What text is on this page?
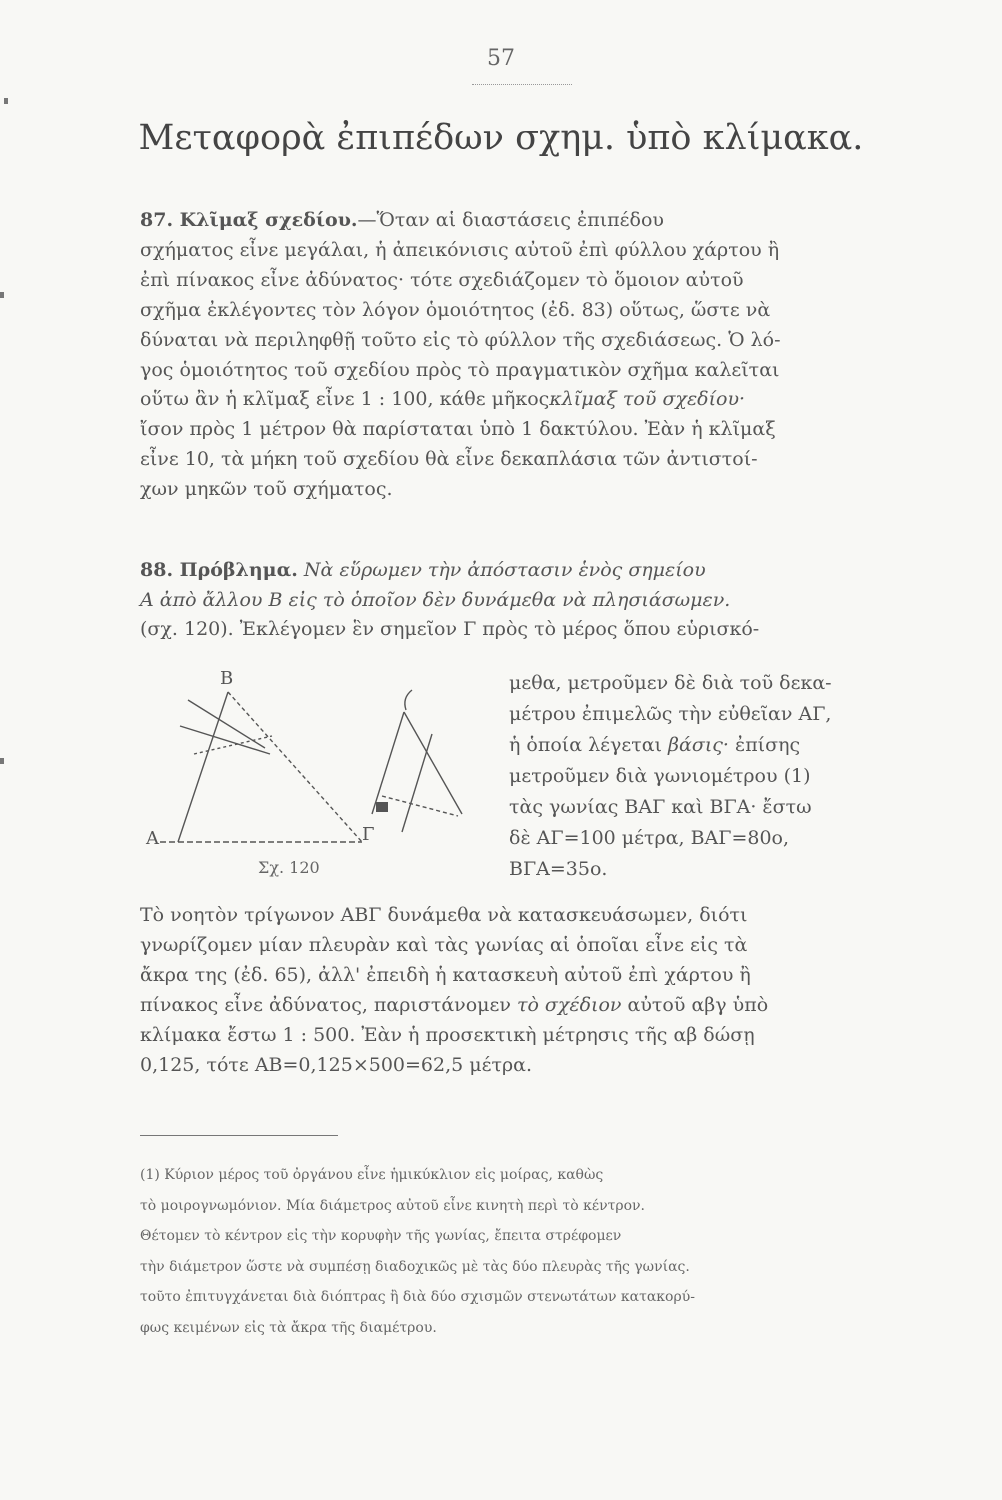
57
Μεταφορὰ ἐπιπέδων σχημ. ὑπὸ κλίμακα.
87. Κλῖμαξ σχεδίου.—Ὅταν αἱ διαστάσεις ἐπιπέδου
σχήματος εἶνε μεγάλαι, ἡ ἀπεικόνισις αὐτοῦ ἐπὶ φύλλου χάρτου ἢ
ἐπὶ πίνακος εἶνε ἀδύνατος· τότε σχεδιάζομεν τὸ ὅμοιον αὐτοῦ
σχῆμα ἐκλέγοντες τὸν λόγον ὁμοιότητος (ἐδ. 83) οὕτως, ὥστε νὰ
δύναται νὰ περιληφθῇ τοῦτο εἰς τὸ φύλλον τῆς σχεδιάσεως. Ὁ λό-
γος ὁμοιότητος τοῦ σχεδίου πρὸς τὸ πραγματικὸν σχῆμα καλεῖται
οὕτω ἂν ἡ κλῖμαξ εἶνε 1 : 100, κάθε μῆκοςκλῖμαξ τοῦ σχεδίου·
ἴσον πρὸς 1 μέτρον θὰ παρίσταται ὑπὸ 1 δακτύλου. Ἐὰν ἡ κλῖμαξ
εἶνε 10, τὰ μήκη τοῦ σχεδίου θὰ εἶνε δεκαπλάσια τῶν ἀντιστοί-
χων μηκῶν τοῦ σχήματος.
88. Πρόβλημα. Νὰ εὕρωμεν τὴν ἀπόστασιν ἑνὸς σημείου
Α ἀπὸ ἄλλου Β εἰς τὸ ὁποῖον δὲν δυνάμεθα νὰ πλησιάσωμεν.
(σχ. 120). Ἐκλέγομεν ἓν σημεῖον Γ πρὸς τὸ μέρος ὅπου εὑρισκό-
μεθα, μετροῦμεν δὲ διὰ τοῦ δεκα-
μέτρου ἐπιμελῶς τὴν εὐθεῖαν ΑΓ,
ἡ ὁποία λέγεται βάσις· ἐπίσης
μετροῦμεν διὰ γωνιομέτρου (1)
τὰς γωνίας ΒΑΓ καὶ ΒΓΑ· ἔστω
δὲ ΑΓ=100 μέτρα, ΒΑΓ=80ο,
ΒΓΑ=35ο.
Β
Α	Γ
Σχ. 120
Τὸ νοητὸν τρίγωνον ΑΒΓ δυνάμεθα νὰ κατασκευάσωμεν, διότι
γνωρίζομεν μίαν πλευρὰν καὶ τὰς γωνίας αἱ ὁποῖαι εἶνε εἰς τὰ
ἄκρα της (ἐδ. 65), ἀλλ' ἐπειδὴ ἡ κατασκευὴ αὐτοῦ ἐπὶ χάρτου ἢ
πίνακος εἶνε ἀδύνατος, παριστάνομεν τὸ σχέδιον αὐτοῦ αβγ ὑπὸ
κλίμακα ἔστω 1 : 500. Ἐὰν ἡ προσεκτικὴ μέτρησις τῆς αβ δώσῃ
0,125, τότε ΑΒ=0,125×500=62,5 μέτρα.
(1) Κύριον μέρος τοῦ ὀργάνου εἶνε ἡμικύκλιον εἰς μοίρας, καθὼς
τὸ μοιρογνωμόνιον. Μία διάμετρος αὐτοῦ εἶνε κινητὴ περὶ τὸ κέντρον.
Θέτομεν τὸ κέντρον εἰς τὴν κορυφὴν τῆς γωνίας, ἔπειτα στρέφομεν
τὴν διάμετρον ὥστε νὰ συμπέσῃ διαδοχικῶς μὲ τὰς δύο πλευρὰς τῆς γωνίας.
τοῦτο ἐπιτυγχάνεται διὰ διόπτρας ἢ διὰ δύο σχισμῶν στενωτάτων κατακορύ-
φως κειμένων εἰς τὰ ἄκρα τῆς διαμέτρου.
